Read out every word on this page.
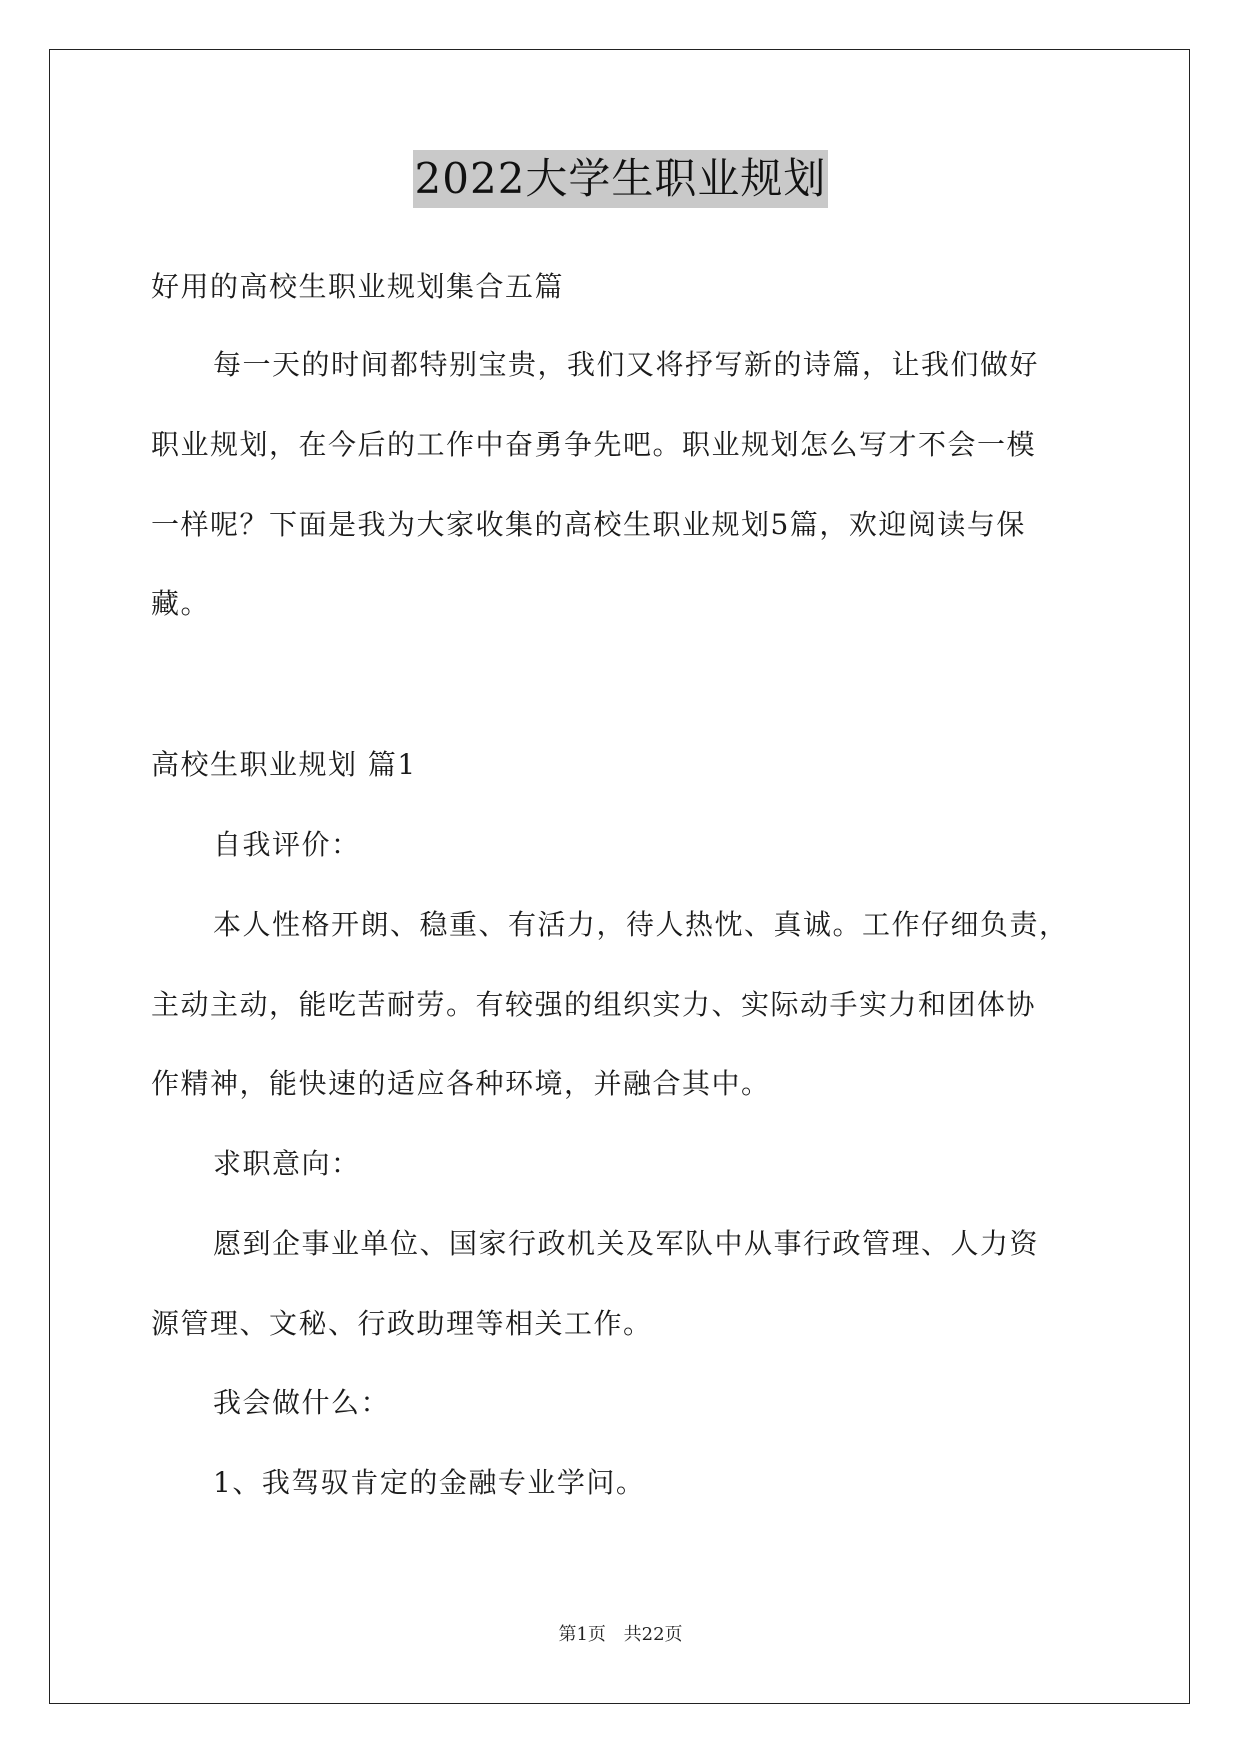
2022大学生职业规划
好用的高校生职业规划集合五篇
每一天的时间都特别宝贵，我们又将抒写新的诗篇，让我们做好
职业规划，在今后的工作中奋勇争先吧。职业规划怎么写才不会一模
一样呢？下面是我为大家收集的高校生职业规划5篇，欢迎阅读与保
藏。
高校生职业规划 篇1
自我评价：
本人性格开朗、稳重、有活力，待人热忱、真诚。工作仔细负责，
主动主动，能吃苦耐劳。有较强的组织实力、实际动手实力和团体协
作精神，能快速的适应各种环境，并融合其中。
求职意向：
愿到企事业单位、国家行政机关及军队中从事行政管理、人力资
源管理、文秘、行政助理等相关工作。
我会做什么：
1、我驾驭肯定的金融专业学问。
第1页 共22页
